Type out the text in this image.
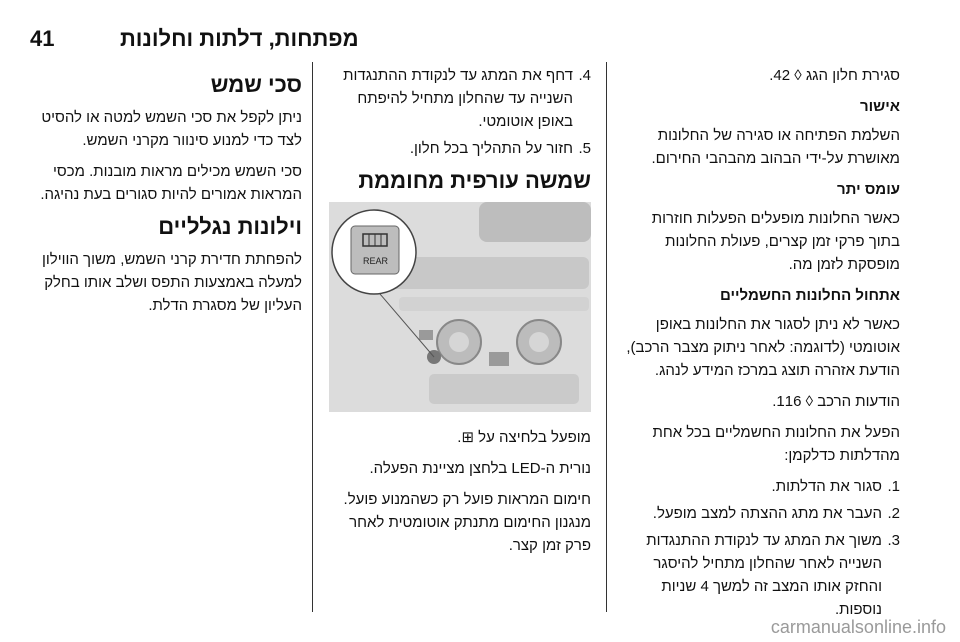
41	מפתחות, דלתות וחלונות

סגירת חלון הגג ◊ 42.

אישור

השלמת הפתיחה או סגירה של החלונות מאושרת על-ידי הבהוב מהבהבי החירום.

עומס יתר

כאשר החלונות מופעלים הפעלות חוזרות בתוך פרקי זמן קצרים, פעולת החלונות מופסקת לזמן מה.

אתחול החלונות החשמליים

כאשר לא ניתן לסגור את החלונות באופן אוטומטי (לדוגמה: לאחר ניתוק מצבר הרכב), הודעת אזהרה תוצג במרכז המידע לנהג.

הודעות הרכב ◊ 116.

הפעל את החלונות החשמליים בכל אחת מהדלתות כדלקמן:

1.
סגור את הדלתות.
2.
העבר את מתג ההצתה למצב מופעל.
3.
משוך את המתג עד לנקודת ההתנגדות השנייה לאחר שהחלון מתחיל להיסגר והחזק אותו המצב זה למשך 4 שניות נוספות.
4.
דחף את המתג עד לנקודת ההתנגדות השנייה עד שהחלון מתחיל להיפתח באופן אוטומטי.
5.
חזור על התהליך בכל חלון.
שמשה עורפית מחוממת
REAR

מופעל בלחיצה על ⊞.

נורית ה-LED בלחצן מציינת הפעלה.

חימום המראות פועל רק כשהמנוע פועל. מנגנון החימום מתנתק אוטומטית לאחר פרק זמן קצר.

סכי שמש

ניתן לקפל את סכי השמש למטה או להסיט לצד כדי למנוע סינוור מקרני השמש.

סכי השמש מכילים מראות מובנות. מכסי המראות אמורים להיות סגורים בעת נהיגה.

וילונות נגלליים

להפחתת חדירת קרני השמש, משוך הווילון למעלה באמצעות התפס ושלב אותו בחלק העליון של מסגרת הדלת.

carmanualsonline.info
